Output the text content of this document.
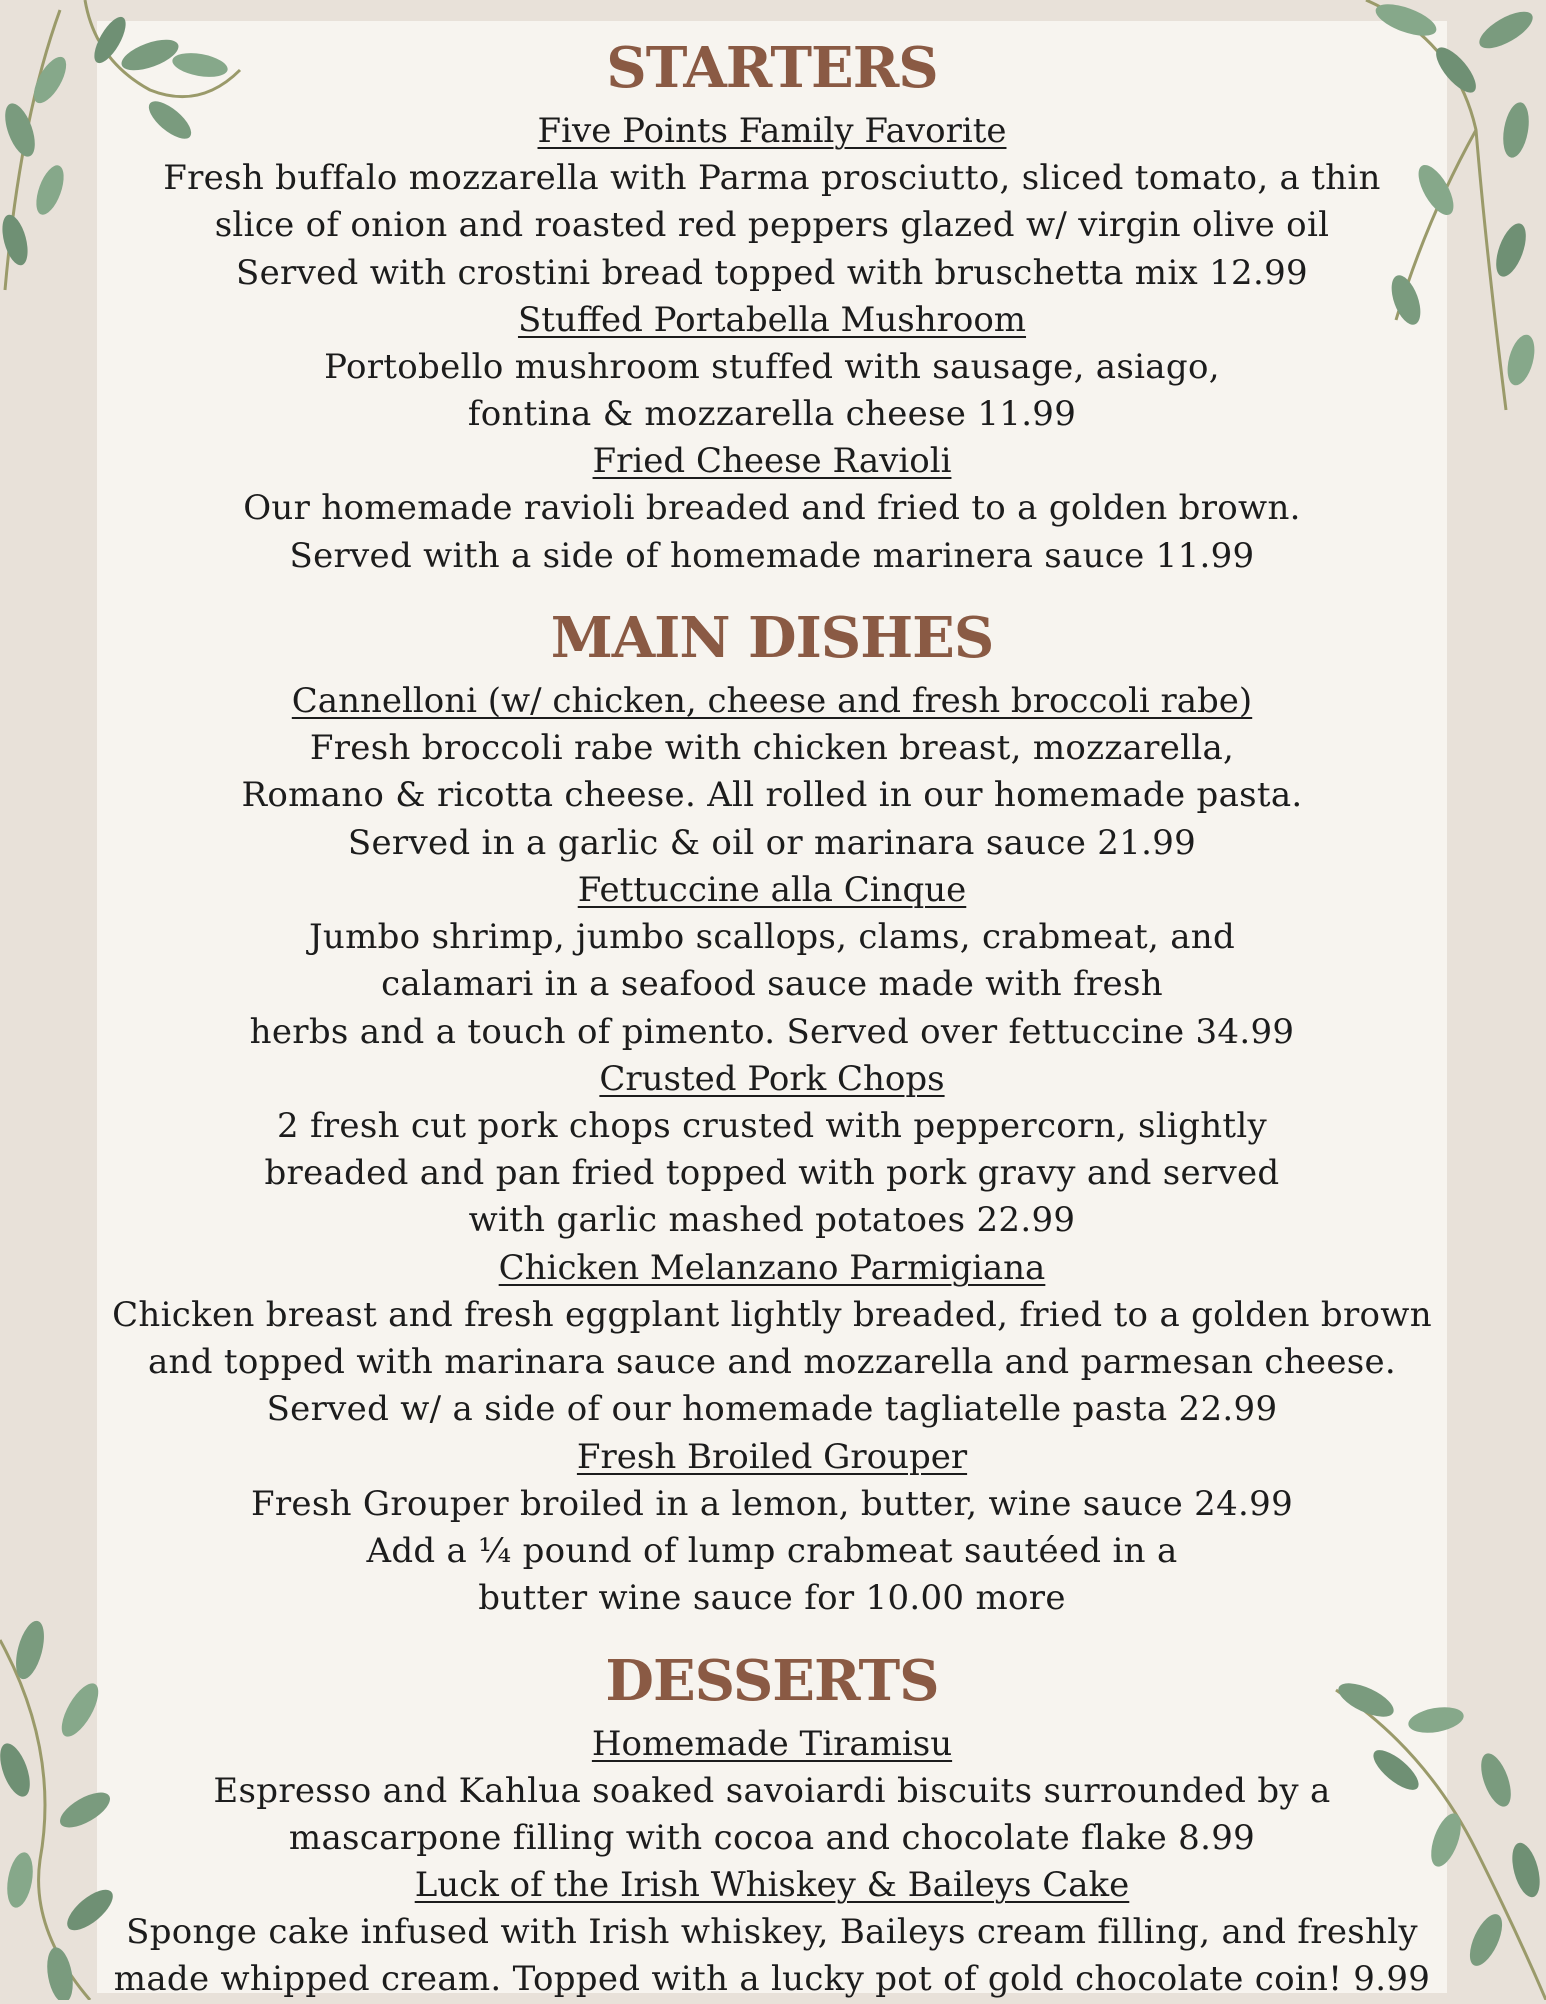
STARTERS

Five Points Family Favorite

Fresh buffalo mozzarella with Parma prosciutto, sliced tomato, a thin

slice of onion and roasted red peppers glazed w/ virgin olive oil

Served with crostini bread topped with bruschetta mix 12.99

Stuffed Portabella Mushroom

Portobello mushroom stuffed with sausage, asiago,

fontina & mozzarella cheese 11.99

Fried Cheese Ravioli

Our homemade ravioli breaded and fried to a golden brown.

Served with a side of homemade marinera sauce 11.99

MAIN DISHES

Cannelloni (w/ chicken, cheese and fresh broccoli rabe)

Fresh broccoli rabe with chicken breast, mozzarella,

Romano & ricotta cheese. All rolled in our homemade pasta.

Served in a garlic & oil or marinara sauce 21.99

Fettuccine alla Cinque

Jumbo shrimp, jumbo scallops, clams, crabmeat, and

calamari in a seafood sauce made with fresh

herbs and a touch of pimento. Served over fettuccine 34.99

Crusted Pork Chops

2 fresh cut pork chops crusted with peppercorn, slightly

breaded and pan fried topped with pork gravy and served

with garlic mashed potatoes 22.99

Chicken Melanzano Parmigiana

Chicken breast and fresh eggplant lightly breaded, fried to a golden brown

and topped with marinara sauce and mozzarella and parmesan cheese.

Served w/ a side of our homemade tagliatelle pasta 22.99

Fresh Broiled Grouper

Fresh Grouper broiled in a lemon, butter, wine sauce 24.99

Add a ¼ pound of lump crabmeat sautéed in a

butter wine sauce for 10.00 more

DESSERTS

Homemade Tiramisu

Espresso and Kahlua soaked savoiardi biscuits surrounded by a

mascarpone filling with cocoa and chocolate flake 8.99

Luck of the Irish Whiskey & Baileys Cake

Sponge cake infused with Irish whiskey, Baileys cream filling, and freshly

made whipped cream. Topped with a lucky pot of gold chocolate coin! 9.99
